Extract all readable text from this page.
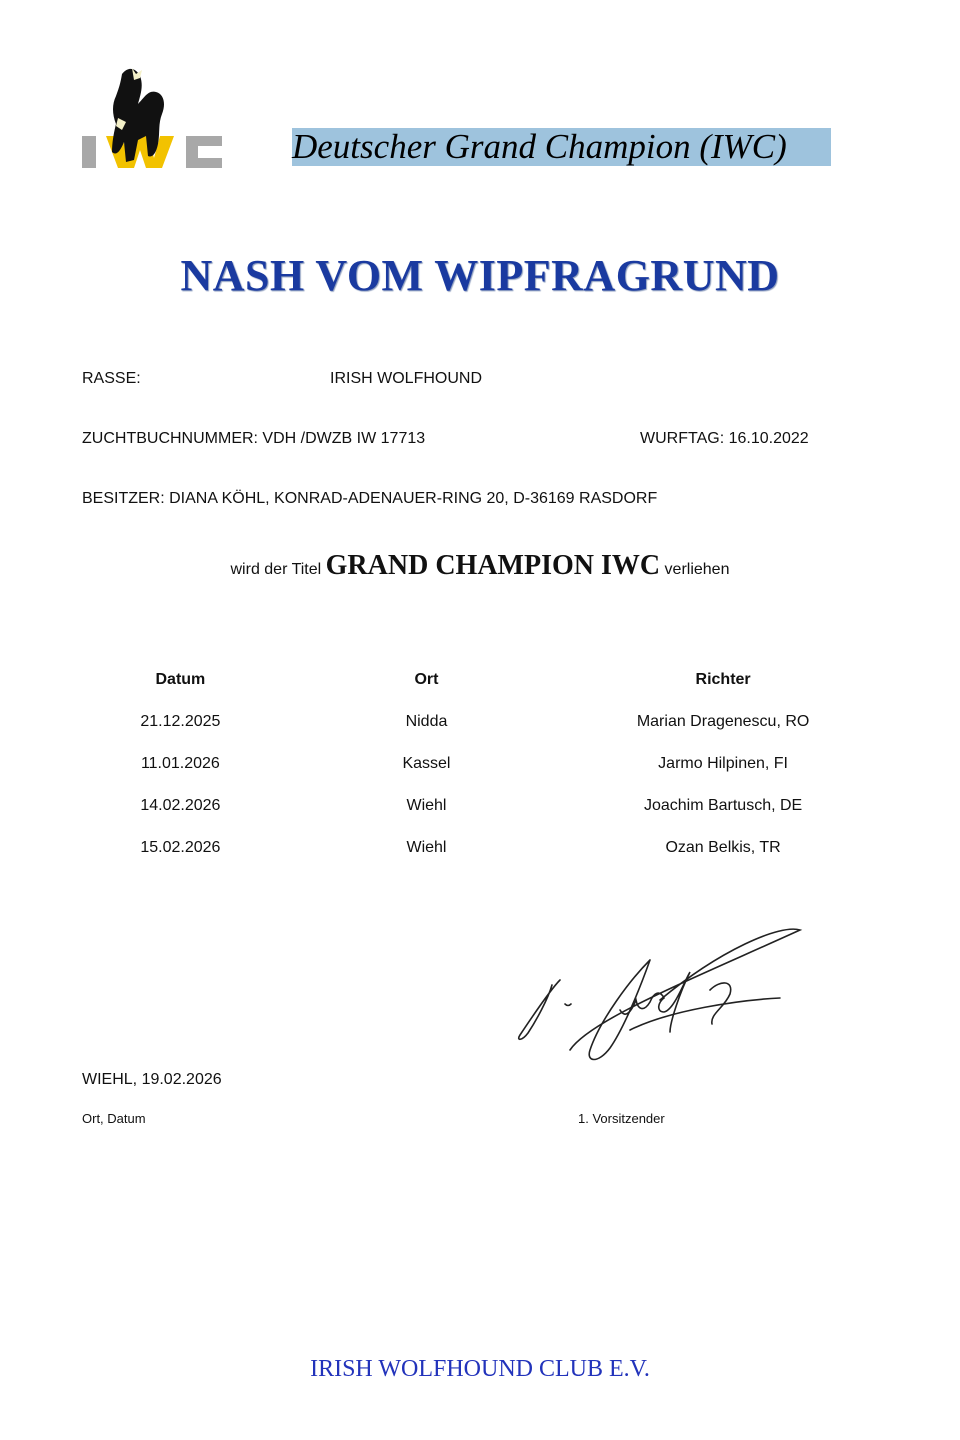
Deutscher Grand Champion (IWC)
NASH VOM WIPFRAGRUND
RASSE:	IRISH WOLFHOUND
ZUCHTBUCHNUMMER: VDH /DWZB IW 17713	WURFTAG: 16.10.2022
BESITZER: DIANA KÖHL, KONRAD-ADENAUER-RING 20, D-36169 RASDORF
wird der Titel GRAND CHAMPION IWC verliehen
Datum	Ort	Richter
21.12.2025	Nidda	Marian Dragenescu, RO
11.01.2026	Kassel	Jarmo Hilpinen, FI
14.02.2026	Wiehl	Joachim Bartusch, DE
15.02.2026	Wiehl	Ozan Belkis, TR
WIEHL, 19.02.2026
Ort, Datum	1. Vorsitzender
IRISH WOLFHOUND CLUB E.V.
